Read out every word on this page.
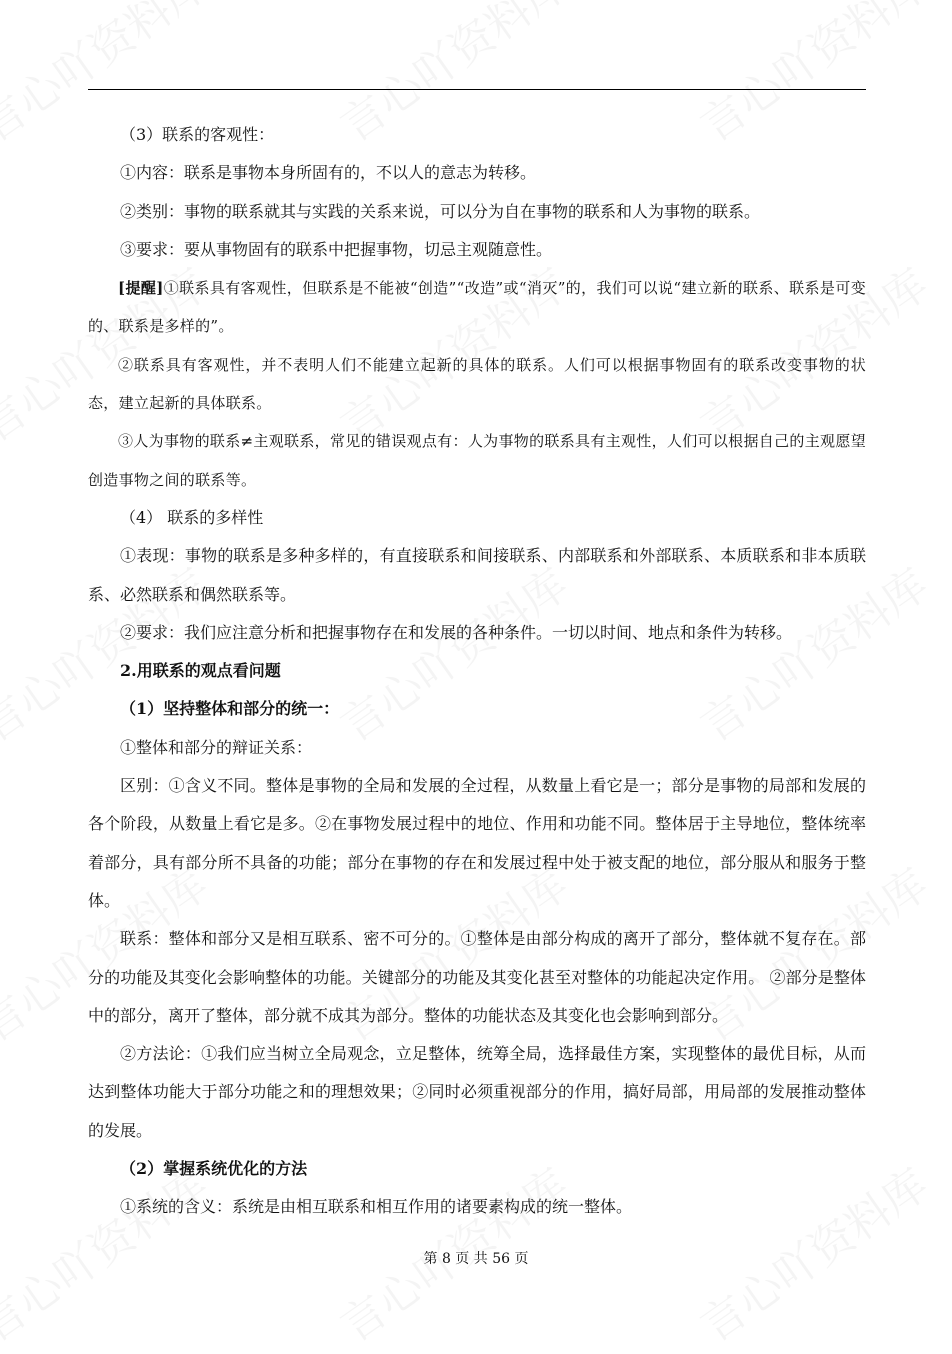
（3）联系的客观性：

①内容：联系是事物本身所固有的，不以人的意志为转移。

②类别：事物的联系就其与实践的关系来说，可以分为自在事物的联系和人为事物的联系。

③要求：要从事物固有的联系中把握事物，切忌主观随意性。

[提醒]①联系具有客观性，但联系是不能被“创造”“改造”或“消灭”的，我们可以说“建立新的联系、联系是可变的、联系是多样的”。

②联系具有客观性，并不表明人们不能建立起新的具体的联系。人们可以根据事物固有的联系改变事物的状态，建立起新的具体联系。

③人为事物的联系≠主观联系，常见的错误观点有：人为事物的联系具有主观性，人们可以根据自己的主观愿望创造事物之间的联系等。

（4） 联系的多样性

①表现：事物的联系是多种多样的，有直接联系和间接联系、内部联系和外部联系、本质联系和非本质联系、必然联系和偶然联系等。

②要求：我们应注意分析和把握事物存在和发展的各种条件。一切以时间、地点和条件为转移。

2.用联系的观点看问题

（1）坚持整体和部分的统一：

①整体和部分的辩证关系：

区别：①含义不同。整体是事物的全局和发展的全过程，从数量上看它是一；部分是事物的局部和发展的各个阶段，从数量上看它是多。②在事物发展过程中的地位、作用和功能不同。整体居于主导地位，整体统率着部分，具有部分所不具备的功能；部分在事物的存在和发展过程中处于被支配的地位，部分服从和服务于整体。

联系：整体和部分又是相互联系、密不可分的。①整体是由部分构成的离开了部分，整体就不复存在。部分的功能及其变化会影响整体的功能。关键部分的功能及其变化甚至对整体的功能起决定作用。 ②部分是整体中的部分，离开了整体，部分就不成其为部分。整体的功能状态及其变化也会影响到部分。

②方法论：①我们应当树立全局观念，立足整体，统筹全局，选择最佳方案，实现整体的最优目标，从而达到整体功能大于部分功能之和的理想效果；②同时必须重视部分的作用，搞好局部，用局部的发展推动整体的发展。

（2）掌握系统优化的方法

①系统的含义：系统是由相互联系和相互作用的诸要素构成的统一整体。

第 8 页 共 56 页
